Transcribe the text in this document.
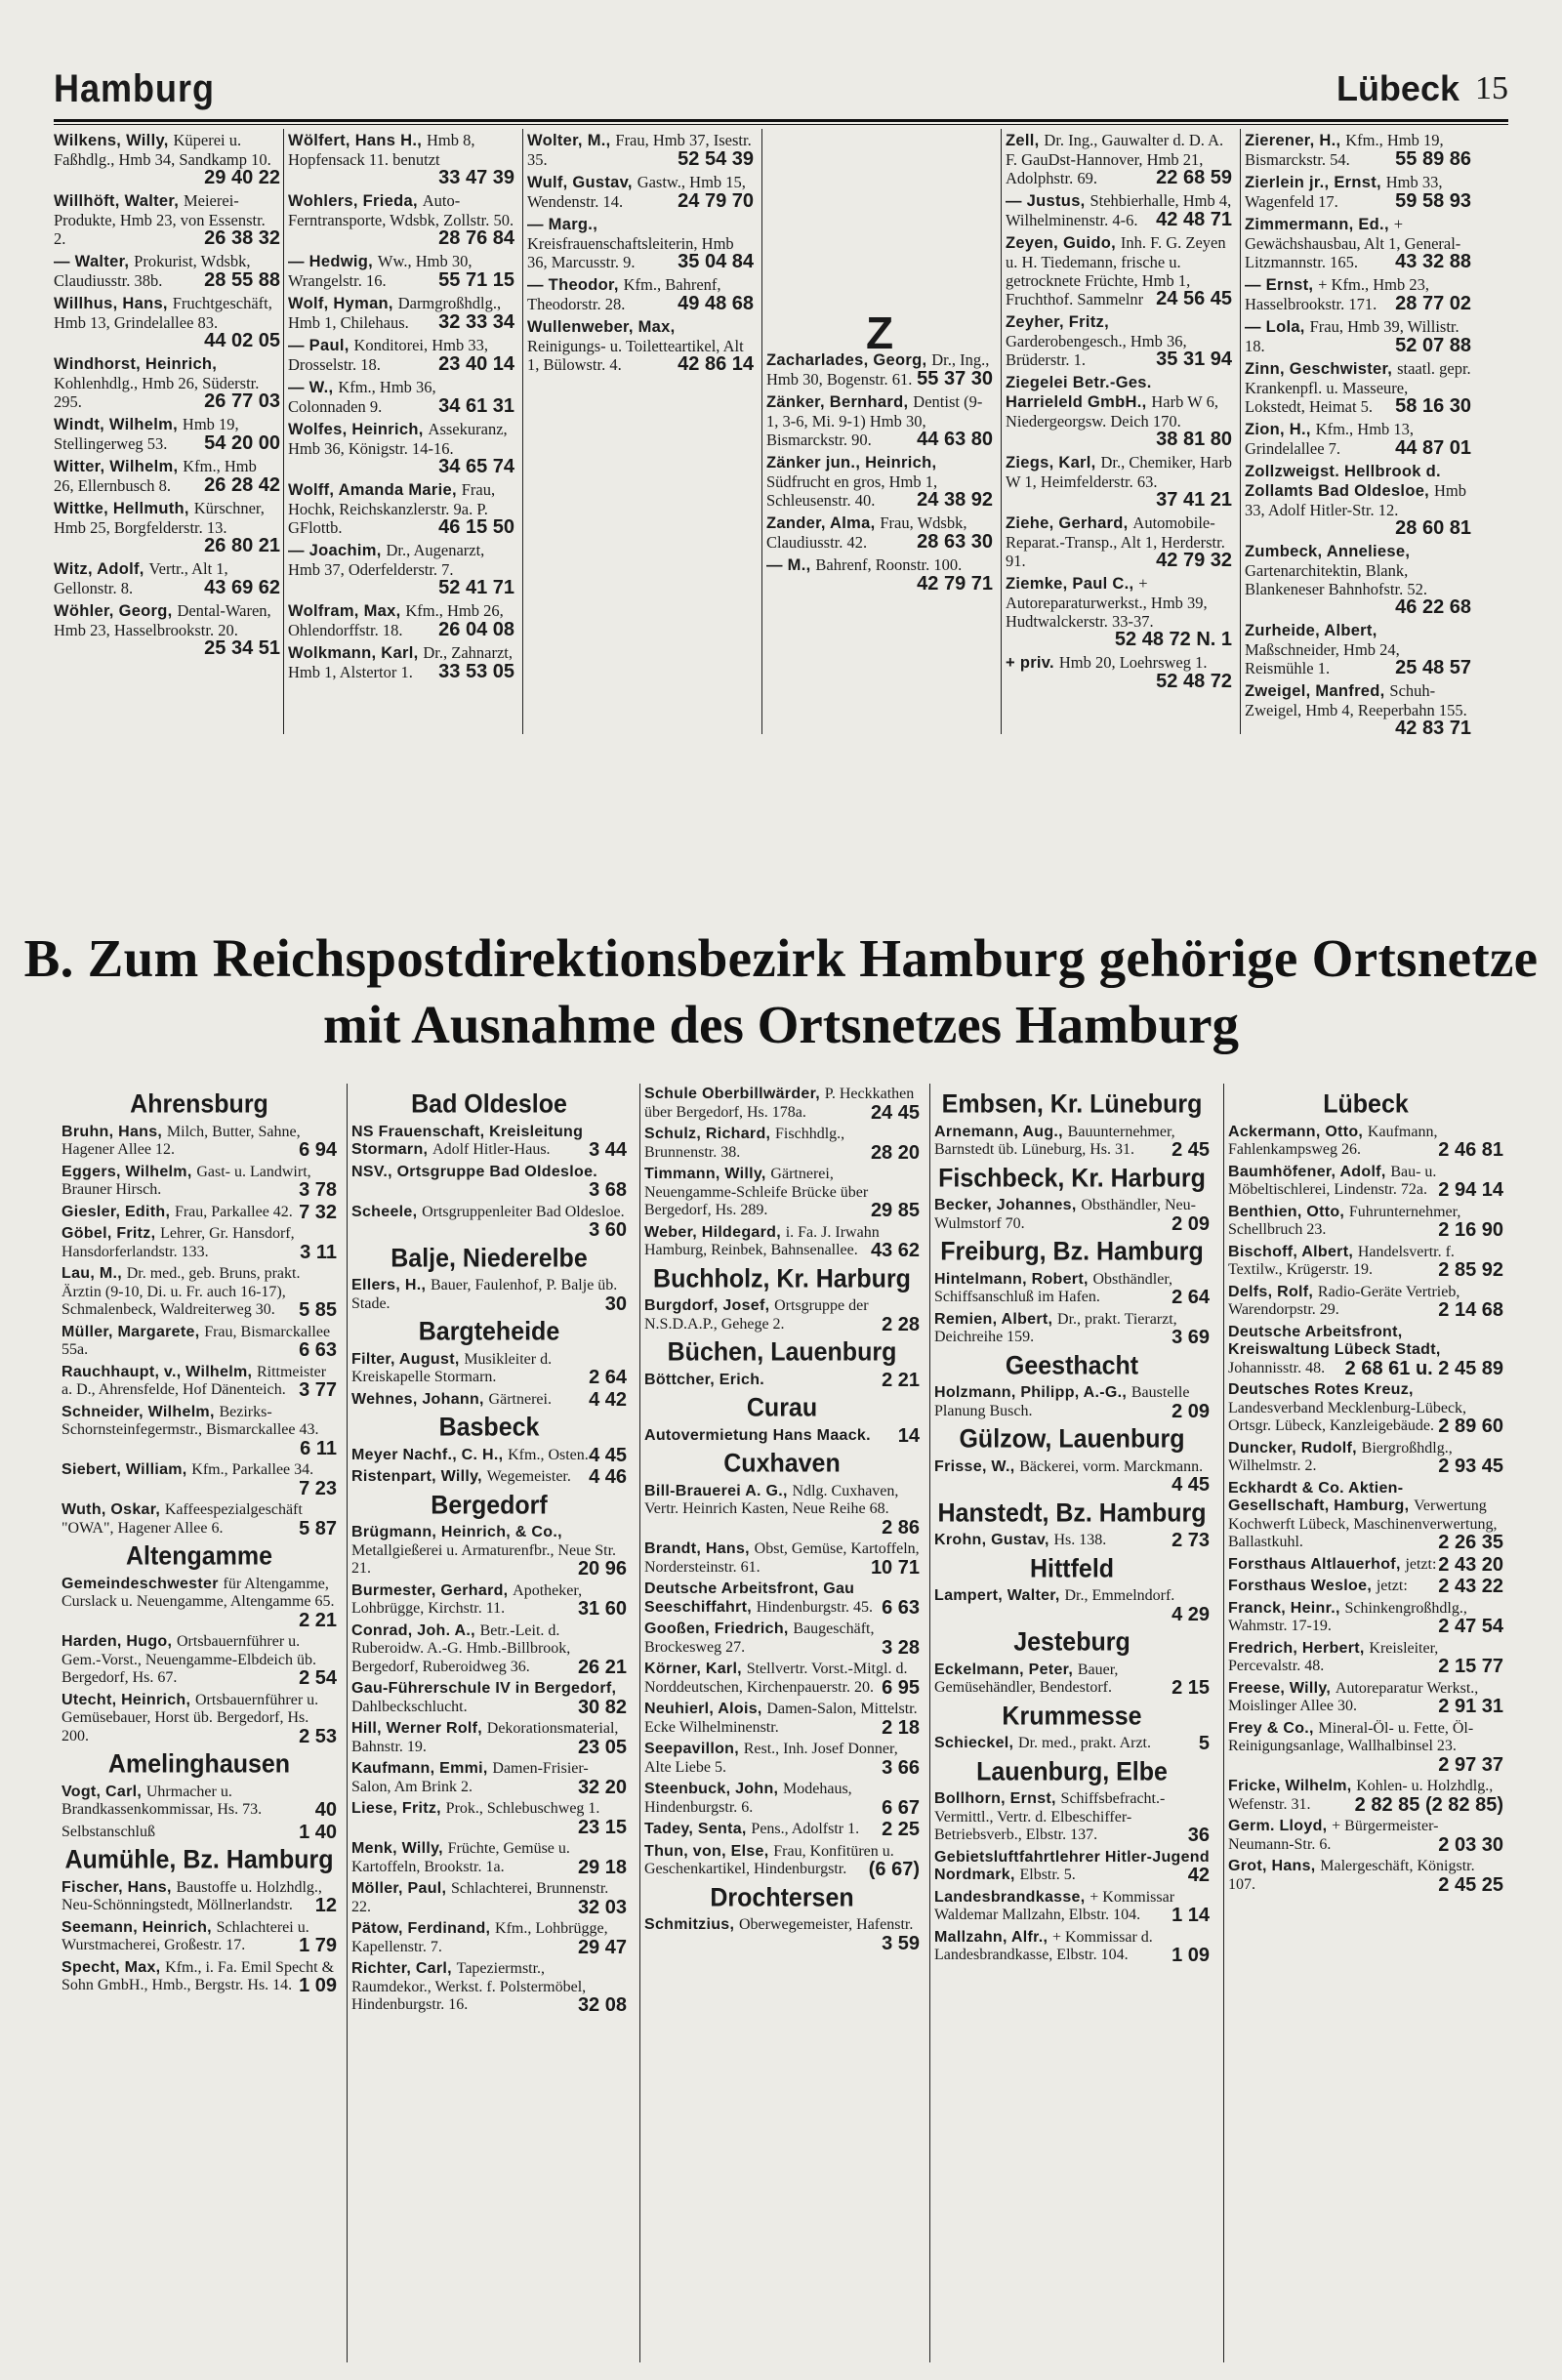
Hamburg	Lübeck 15
Wilkens, Willy, Küperei u. Faßhdlg., Hmb 34, Sandkamp 10.
29 40 22
Willhöft, Walter, Meierei-Produkte, Hmb 23, von Essenstr. 2.	26 38 32
— Walter, Prokurist, Wdsbk, Claudiusstr. 38b. 28 55 88
Willhus, Hans, Fruchtgeschäft, Hmb 13, Grindelallee 83.
44 02 05
Windhorst, Heinrich, Kohlenhdlg., Hmb 26, Süderstr. 295.	26 77 03
Windt, Wilhelm, Hmb 19, Stellingerweg 53. 54 20 00
Witter, Wilhelm, Kfm., Hmb 26, Ellernbusch 8. 26 28 42
Wittke, Hellmuth, Kürschner, Hmb 25, Borgfelderstr. 13.
26 80 21
Witz, Adolf, Vertr., Alt 1, Gellonstr. 8.	43 69 62
Wöhler, Georg, Dental-Waren, Hmb 23, Hasselbrookstr. 20.
25 34 51
Wölfert, Hans H., Hmb 8, Hopfensack 11. benutzt
33 47 39
Wohlers, Frieda, Auto-Ferntransporte, Wdsbk, Zollstr. 50.
28 76 84
— Hedwig, Ww., Hmb 30, Wrangelstr. 16.	55 71 15
Wolf, Hyman, Darmgroßhdlg., Hmb 1, Chilehaus. 32 33 34
— Paul, Konditorei, Hmb 33, Drosselstr. 18.	23 40 14
— W., Kfm., Hmb 36, Colonnaden 9.	34 61 31
Wolfes, Heinrich, Assekuranz, Hmb 36, Königstr. 14-16.
34 65 74
Wolff, Amanda Marie, Frau, Hochk, Reichskanzlerstr. 9a. P. GFlottb.	46 15 50
— Joachim, Dr., Augenarzt, Hmb 37, Oderfelderstr. 7.
52 41 71
Wolfram, Max, Kfm., Hmb 26, Ohlendorffstr. 18. 26 04 08
Wolkmann, Karl, Dr., Zahnarzt, Hmb 1, Alstertor 1. 33 53 05
Wolter, M., Frau, Hmb 37, Isestr. 35.	52 54 39
Wulf, Gustav, Gastw., Hmb 15, Wendenstr. 14.	24 79 70
— Marg., Kreisfrauenschaftsleiterin, Hmb 36, Marcusstr. 9. 35 04 84
— Theodor, Kfm., Bahrenf, Theodorstr. 28.	49 48 68
Wullenweber, Max, Reinigungs- u. Toiletteartikel, Alt 1, Bülowstr. 4.	42 86 14
Z
Zacharlades, Georg, Dr., Ing., Hmb 30, Bogenstr. 61. 55 37 30
Zänker, Bernhard, Dentist (9-1, 3-6, Mi. 9-1) Hmb 30, Bismarckstr. 90. 44 63 80
Zänker jun., Heinrich, Südfrucht en gros, Hmb 1, Schleusenstr. 40. 24 38 92
Zander, Alma, Frau, Wdsbk, Claudiusstr. 42.	28 63 30
— M., Bahrenf, Roonstr. 100.
42 79 71
Zell, Dr. Ing., Gauwalter d. D. A. F. GauDst-Hannover, Hmb 21, Adolphstr. 69.	22 68 59
— Justus, Stehbierhalle, Hmb 4, Wilhelminenstr. 4-6. 42 48 71
Zeyen, Guido, Inh. F. G. Zeyen u. H. Tiedemann, frische u. getrocknete Früchte, Hmb 1, Fruchthof. Sammelnr 24 56 45
Zeyher, Fritz, Garderobengesch., Hmb 36, Brüderstr. 1.	35 31 94
Ziegelei Betr.-Ges. Harrieleld GmbH., Harb W 6, Niedergeorgsw. Deich 170.
38 81 80
Ziegs, Karl, Dr., Chemiker, Harb W 1, Heimfelderstr. 63.
37 41 21
Ziehe, Gerhard, Automobile-Reparat.-Transp., Alt 1, Herderstr. 91.	42 79 32
Ziemke, Paul C., + Autoreparaturwerkst., Hmb 39, Hudtwalckerstr. 33-37.
52 48 72 N. 1
+ priv. Hmb 20, Loehrsweg 1.
52 48 72
Zierener, H., Kfm., Hmb 19, Bismarckstr. 54. 55 89 86
Zierlein jr., Ernst, Hmb 33, Wagenfeld 17.	59 58 93
Zimmermann, Ed., + Gewächshausbau, Alt 1, General-Litzmannstr. 165. 43 32 88
— Ernst, + Kfm., Hmb 23, Hasselbrookstr. 171. 28 77 02
— Lola, Frau, Hmb 39, Willistr. 18.	52 07 88
Zinn, Geschwister, staatl. gepr. Krankenpfl. u. Masseure, Lokstedt, Heimat 5. 58 16 30
Zion, H., Kfm., Hmb 13, Grindelallee 7.	44 87 01
Zollzweigst. Hellbrook d. Zollamts Bad Oldesloe, Hmb 33, Adolf Hitler-Str. 12.
28 60 81
Zumbeck, Anneliese, Gartenarchitektin, Blank, Blankeneser Bahnhofstr. 52.
46 22 68
Zurheide, Albert, Maßschneider, Hmb 24, Reismühle 1.	25 48 57
Zweigel, Manfred, Schuh-Zweigel, Hmb 4, Reeperbahn 155.
42 83 71
B. Zum Reichspostdirektionsbezirk Hamburg gehörige Ortsnetze
mit Ausnahme des Ortsnetzes Hamburg
Ahrensburg
Bruhn, Hans, Milch, Butter, Sahne, Hagener Allee 12.	6 94
Eggers, Wilhelm, Gast- u. Landwirt, Brauner Hirsch.	3 78
Giesler, Edith, Frau, Parkallee 42. 7 32
Göbel, Fritz, Lehrer, Gr. Hansdorf, Hansdorferlandstr. 133.	3 11
Lau, M., Dr. med., geb. Bruns, prakt. Ärztin (9-10, Di. u. Fr. auch 16-17), Schmalenbeck, Waldreiterweg 30. 5 85
Müller, Margarete, Frau, Bismarckallee 55a.	6 63
Rauchhaupt, v., Wilhelm, Rittmeister a. D., Ahrensfelde, Hof Dänenteich. 3 77
Schneider, Wilhelm, Bezirks-Schornsteinfegermstr., Bismarckallee 43.
6 11
Siebert, William, Kfm., Parkallee 34.
7 23
Wuth, Oskar, Kaffeespezialgeschäft "OWA", Hagener Allee 6.	5 87
Altengamme
Gemeindeschwester für Altengamme, Curslack u. Neuengamme, Altengamme 65.
2 21
Harden, Hugo, Ortsbauernführer u. Gem.-Vorst., Neuengamme-Elbdeich üb. Bergedorf, Hs. 67.	2 54
Utecht, Heinrich, Ortsbauernführer u. Gemüsebauer, Horst üb. Bergedorf, Hs. 200.	2 53
Amelinghausen
Vogt, Carl, Uhrmacher u. Brandkassenkommissar, Hs. 73.	40
Selbstanschluß	1 40
Aumühle, Bz. Hamburg
Fischer, Hans, Baustoffe u. Holzhdlg., Neu-Schönningstedt, Möllnerlandstr. 12
Seemann, Heinrich, Schlachterei u. Wurstmacherei, Großestr. 17.	1 79
Specht, Max, Kfm., i. Fa. Emil Specht & Sohn GmbH., Hmb., Bergstr. Hs. 14. 1 09
Bad Oldesloe
NS Frauenschaft, Kreisleitung Stormarn, Adolf Hitler-Haus. 3 44
NSV., Ortsgruppe Bad Oldesloe.
3 68
Scheele, Ortsgruppenleiter Bad Oldesloe.
3 60
Balje, Niederelbe
Ellers, H., Bauer, Faulenhof, P. Balje üb. Stade.	30
Bargteheide
Filter, August, Musikleiter d. Kreiskapelle Stormarn.	2 64
Wehnes, Johann, Gärtnerei. 4 42
Basbeck
Meyer Nachf., C. H., Kfm., Osten. 4 45
Ristenpart, Willy, Wegemeister. 4 46
Bergedorf
Brügmann, Heinrich, & Co., Metallgießerei u. Armaturenfbr., Neue Str. 21.	20 96
Burmester, Gerhard, Apotheker, Lohbrügge, Kirchstr. 11.	31 60
Conrad, Joh. A., Betr.-Leit. d. Ruberoidw. A.-G. Hmb.-Billbrook, Bergedorf, Ruberoidweg 36. 26 21
Gau-Führerschule IV in Bergedorf, Dahlbeckschlucht.	30 82
Hill, Werner Rolf, Dekorationsmaterial, Bahnstr. 19.	23 05
Kaufmann, Emmi, Damen-Frisier-Salon, Am Brink 2.	32 20
Liese, Fritz, Prok., Schlebuschweg 1.
23 15
Menk, Willy, Früchte, Gemüse u. Kartoffeln, Brookstr. 1a.	29 18
Möller, Paul, Schlachterei, Brunnenstr. 22.	32 03
Pätow, Ferdinand, Kfm., Lohbrügge, Kapellenstr. 7.	29 47
Richter, Carl, Tapeziermstr., Raumdekor., Werkst. f. Polstermöbel, Hindenburgstr. 16.	32 08
Schule Oberbillwärder, P. Heckkathen über Bergedorf, Hs. 178a.	24 45
Schulz, Richard, Fischhdlg., Brunnenstr. 38.	28 20
Timmann, Willy, Gärtnerei, Neuengamme-Schleife Brücke über Bergedorf, Hs. 289.	29 85
Weber, Hildegard, i. Fa. J. Irwahn Hamburg, Reinbek, Bahnsenallee. 43 62
Buchholz, Kr. Harburg
Burgdorf, Josef, Ortsgruppe der N.S.D.A.P., Gehege 2.	2 28
Büchen, Lauenburg
Böttcher, Erich.	2 21
Curau
Autovermietung Hans Maack. 14
Cuxhaven
Bill-Brauerei A. G., Ndlg. Cuxhaven, Vertr. Heinrich Kasten, Neue Reihe 68.
2 86
Brandt, Hans, Obst, Gemüse, Kartoffeln, Nordersteinstr. 61.	10 71
Deutsche Arbeitsfront, Gau Seeschiffahrt, Hindenburgstr. 45. 6 63
Gooßen, Friedrich, Baugeschäft, Brockesweg 27.	3 28
Körner, Karl, Stellvertr. Vorst.-Mitgl. d. Norddeutschen, Kirchenpauerstr. 20. 6 95
Neuhierl, Alois, Damen-Salon, Mittelstr. Ecke Wilhelminenstr.	2 18
Seepavillon, Rest., Inh. Josef Donner, Alte Liebe 5.	3 66
Steenbuck, John, Modehaus, Hindenburgstr. 6.	6 67
Tadey, Senta, Pens., Adolfstr 1. 2 25
Thun, von, Else, Frau, Konfitüren u. Geschenkartikel, Hindenburgstr. (6 67)
Drochtersen
Schmitzius, Oberwegemeister, Hafenstr.
3 59
Embsen, Kr. Lüneburg
Arnemann, Aug., Bauunternehmer, Barnstedt üb. Lüneburg, Hs. 31. 2 45
Fischbeck, Kr. Harburg
Becker, Johannes, Obsthändler, Neu-Wulmstorf 70.	2 09
Freiburg, Bz. Hamburg
Hintelmann, Robert, Obsthändler, Schiffsanschluß im Hafen.	2 64
Remien, Albert, Dr., prakt. Tierarzt, Deichreihe 159.	3 69
Geesthacht
Holzmann, Philipp, A.-G., Baustelle Planung Busch.	2 09
Gülzow, Lauenburg
Frisse, W., Bäckerei, vorm. Marckmann.
4 45
Hanstedt, Bz. Hamburg
Krohn, Gustav, Hs. 138.	2 73
Hittfeld
Lampert, Walter, Dr., Emmelndorf.
4 29
Jesteburg
Eckelmann, Peter, Bauer, Gemüsehändler, Bendestorf.	2 15
Krummesse
Schieckel, Dr. med., prakt. Arzt. 5
Lauenburg, Elbe
Bollhorn, Ernst, Schiffsbefracht.-Vermittl., Vertr. d. Elbeschiffer-Betriebsverb., Elbstr. 137.	36
Gebietsluftfahrtlehrer Hitler-Jugend Nordmark, Elbstr. 5.	42
Landesbrandkasse, + Kommissar Waldemar Mallzahn, Elbstr. 104. 1 14
Mallzahn, Alfr., + Kommissar d. Landesbrandkasse, Elbstr. 104. 1 09
Lübeck
Ackermann, Otto, Kaufmann, Fahlenkampsweg 26.	2 46 81
Baumhöfener, Adolf, Bau- u. Möbeltischlerei, Lindenstr. 72a. 2 94 14
Benthien, Otto, Fuhrunternehmer, Schellbruch 23.	2 16 90
Bischoff, Albert, Handelsvertr. f. Textilw., Krügerstr. 19.	2 85 92
Delfs, Rolf, Radio-Geräte Vertrieb, Warendorpstr. 29.	2 14 68
Deutsche Arbeitsfront, Kreiswaltung Lübeck Stadt, Johannisstr. 48. 2 68 61 u. 2 45 89
Deutsches Rotes Kreuz, Landesverband Mecklenburg-Lübeck, Ortsgr. Lübeck, Kanzleigebäude. 2 89 60
Duncker, Rudolf, Biergroßhdlg., Wilhelmstr. 2.	2 93 45
Eckhardt & Co. Aktien-Gesellschaft, Hamburg, Verwertung Kochwerft Lübeck, Maschinenverwertung, Ballastkuhl.	2 26 35
Forsthaus Altlauerhof, jetzt: 2 43 20
Forsthaus Wesloe, jetzt: 2 43 22
Franck, Heinr., Schinkengroßhdlg., Wahmstr. 17-19.	2 47 54
Fredrich, Herbert, Kreisleiter, Percevalstr. 48.	2 15 77
Freese, Willy, Autoreparatur Werkst., Moislinger Allee 30.	2 91 31
Frey & Co., Mineral-Öl- u. Fette, Öl-Reinigungsanlage, Wallhalbinsel 23.
2 97 37
Fricke, Wilhelm, Kohlen- u. Holzhdlg., Wefenstr. 31. 2 82 85 (2 82 85)
Germ. Lloyd, + Bürgermeister-Neumann-Str. 6.	2 03 30
Grot, Hans, Malergeschäft, Königstr. 107.	2 45 25
